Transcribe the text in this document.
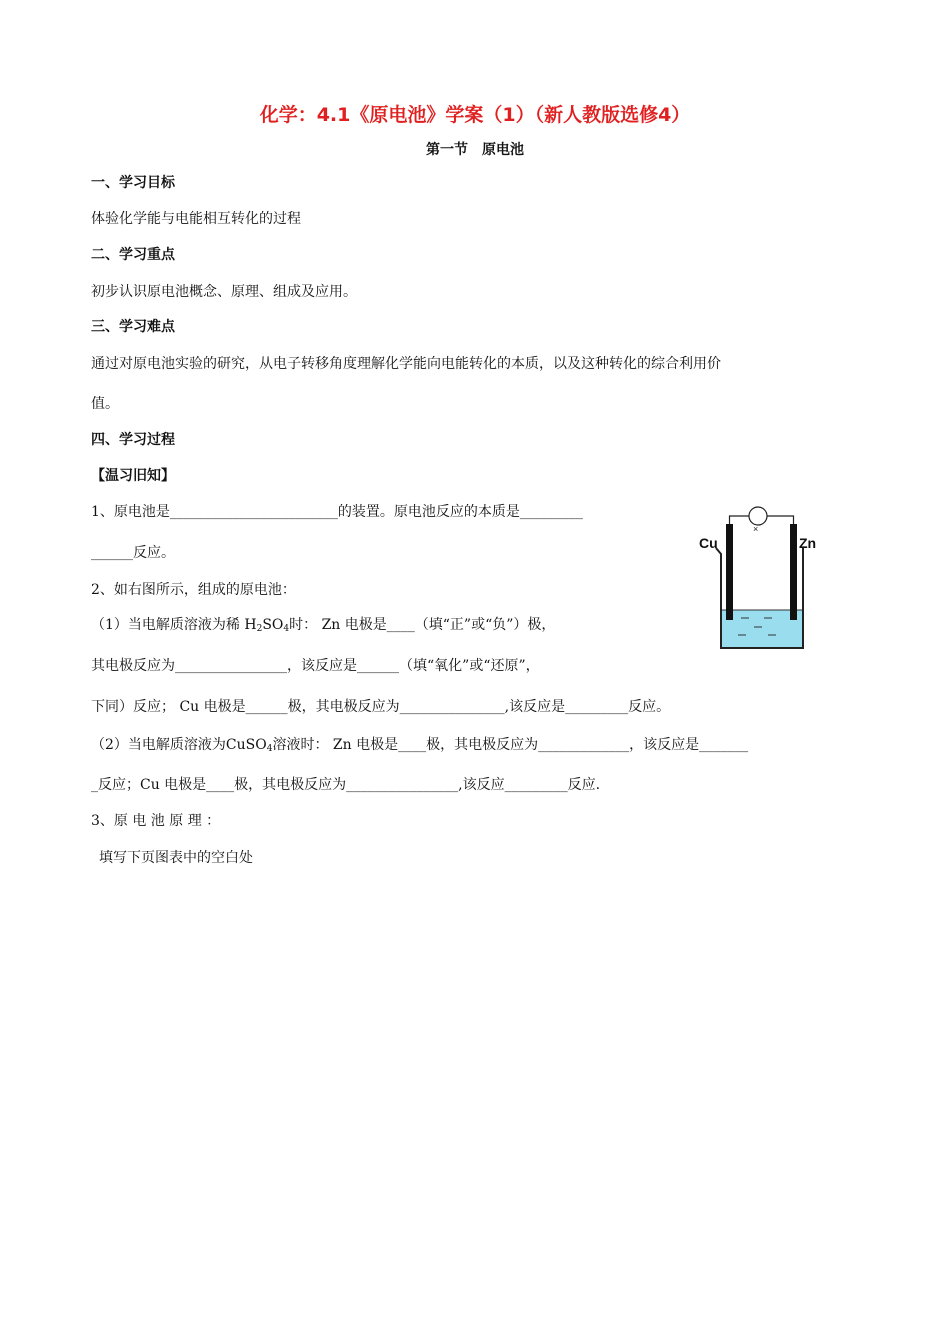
化学：4.1《原电池》学案（1）（新人教版选修4）
第一节　原电池
一、学习目标
体验化学能与电能相互转化的过程
二、学习重点
初步认识原电池概念、原理、组成及应用。
三、学习难点
通过对原电池实验的研究，从电子转移角度理解化学能向电能转化的本质，以及这种转化的综合利用价
值。
四、学习过程
【温习旧知】
1、原电池是________________________的装置。原电池反应的本质是_________
______反应。
2、如右图所示，组成的原电池：
（1）当电解质溶液为稀 $H_2SO_4$时： Zn 电极是____（填“正”或“负”）极，
其电极反应为________________，该反应是______（填“氧化”或“还原”，
下同）反应； Cu 电极是______极，其电极反应为_______________,该反应是_________反应。
（2）当电解质溶液为CuSO$_4$溶液时： Zn 电极是____极，其电极反应为_____________，该反应是_______
_反应；Cu 电极是____极，其电极反应为________________,该反应_________反应.
3、原 电 池 原 理 ：
填写下页图表中的空白处
×
Cu	Zn
